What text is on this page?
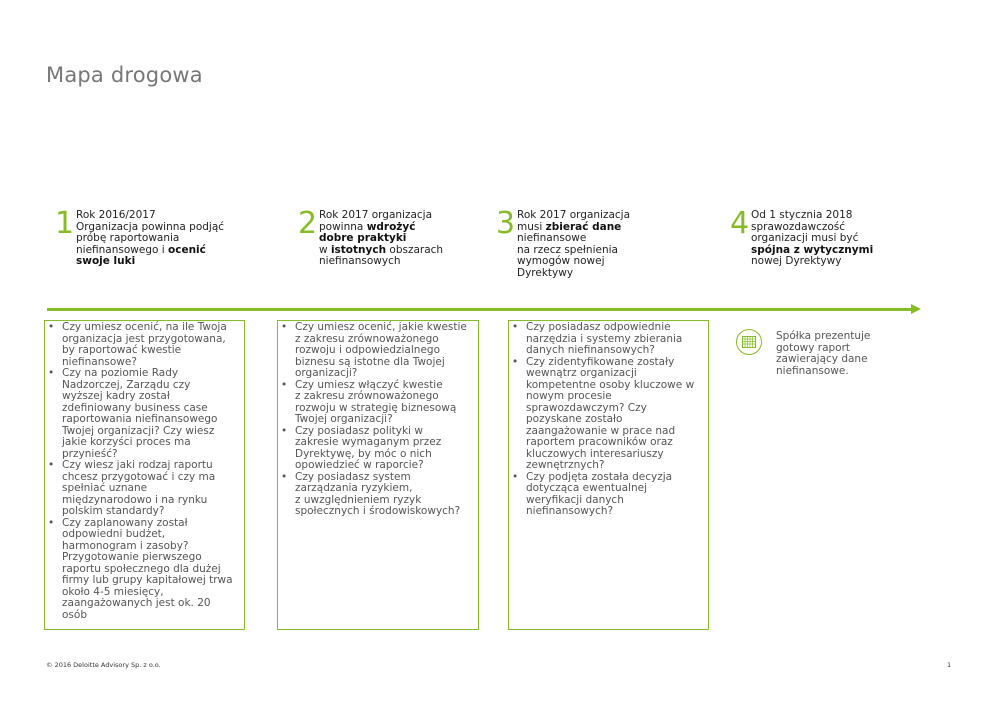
Mapa drogowa
1 Rok 2016/2017
Organizacja powinna podjąć
próbę raportowania
niefinansowego i ocenić
swoje luki
2 Rok 2017 organizacja
powinna wdrożyć
dobre praktyki
w istotnych obszarach
niefinansowych
3 Rok 2017 organizacja
musi zbierać dane
niefinansowe
na rzecz spełnienia
wymogów nowej
Dyrektywy
4 Od 1 stycznia 2018
sprawozdawczość
organizacji musi być
spójna z wytycznymi
nowej Dyrektywy
• Czy umiesz ocenić, na ile Twoja
organizacja jest przygotowana,
by raportować kwestie
niefinansowe?
• Czy na poziomie Rady
Nadzorczej, Zarządu czy
wyższej kadry został
zdefiniowany business case
raportowania niefinansowego
Twojej organizacji? Czy wiesz
jakie korzyści proces ma
przynieść?
• Czy wiesz jaki rodzaj raportu
chcesz przygotować i czy ma
spełniać uznane
międzynarodowo i na rynku
polskim standardy?
• Czy zaplanowany został
odpowiedni budżet,
harmonogram i zasoby?
Przygotowanie pierwszego
raportu społecznego dla dużej
firmy lub grupy kapitałowej trwa
około 4-5 miesięcy,
zaangażowanych jest ok. 20
osób
• Czy umiesz ocenić, jakie kwestie
z zakresu zrównoważonego
rozwoju i odpowiedzialnego
biznesu są istotne dla Twojej
organizacji?
• Czy umiesz włączyć kwestie
z zakresu zrównoważonego
rozwoju w strategię biznesową
Twojej organizacji?
• Czy posiadasz polityki w
zakresie wymaganym przez
Dyrektywę, by móc o nich
opowiedzieć w raporcie?
• Czy posiadasz system
zarządzania ryzykiem,
z uwzględnieniem ryzyk
społecznych i środowiskowych?
• Czy posiadasz odpowiednie
narzędzia i systemy zbierania
danych niefinansowych?
• Czy zidentyfikowane zostały
wewnątrz organizacji
kompetentne osoby kluczowe w
nowym procesie
sprawozdawczym? Czy
pozyskane zostało
zaangażowanie w prace nad
raportem pracowników oraz
kluczowych interesariuszy
zewnętrznych?
• Czy podjęta została decyzja
dotycząca ewentualnej
weryfikacji danych
niefinansowych?
Spółka prezentuje
gotowy raport
zawierający dane
niefinansowe.
© 2016 Deloitte Advisory Sp. z o.o.	1
